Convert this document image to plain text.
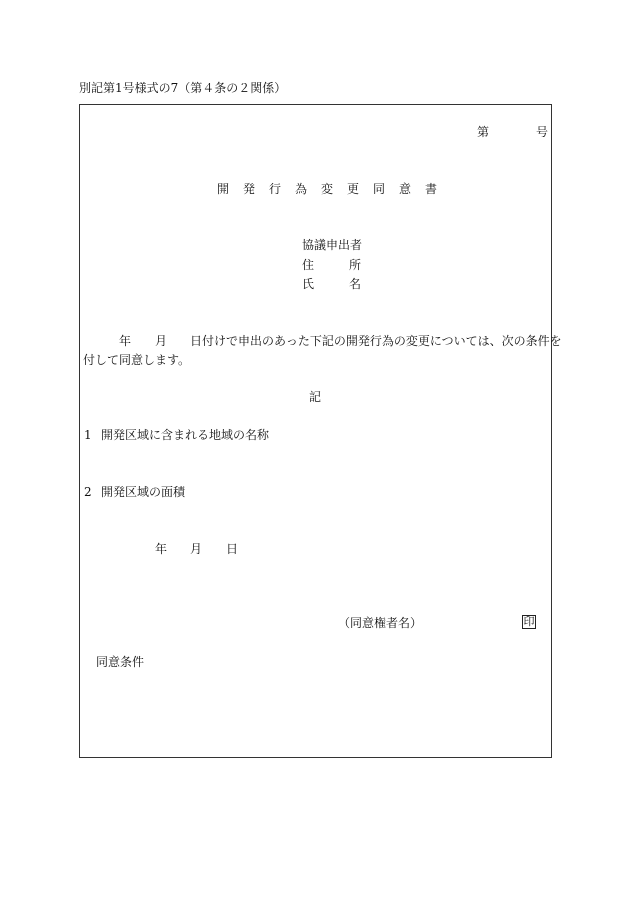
別記第1号様式の7（第４条の２関係）
第	号
開発行為変更同意書
協議申出者
住	所
氏	名
年 月 日付けで申出のあった下記の開発行為の変更については、次の条件を
付して同意します。
記
1 開発区域に含まれる地域の名称
2 開発区域の面積
年 月 日
（同意権者名）	印
同意条件
